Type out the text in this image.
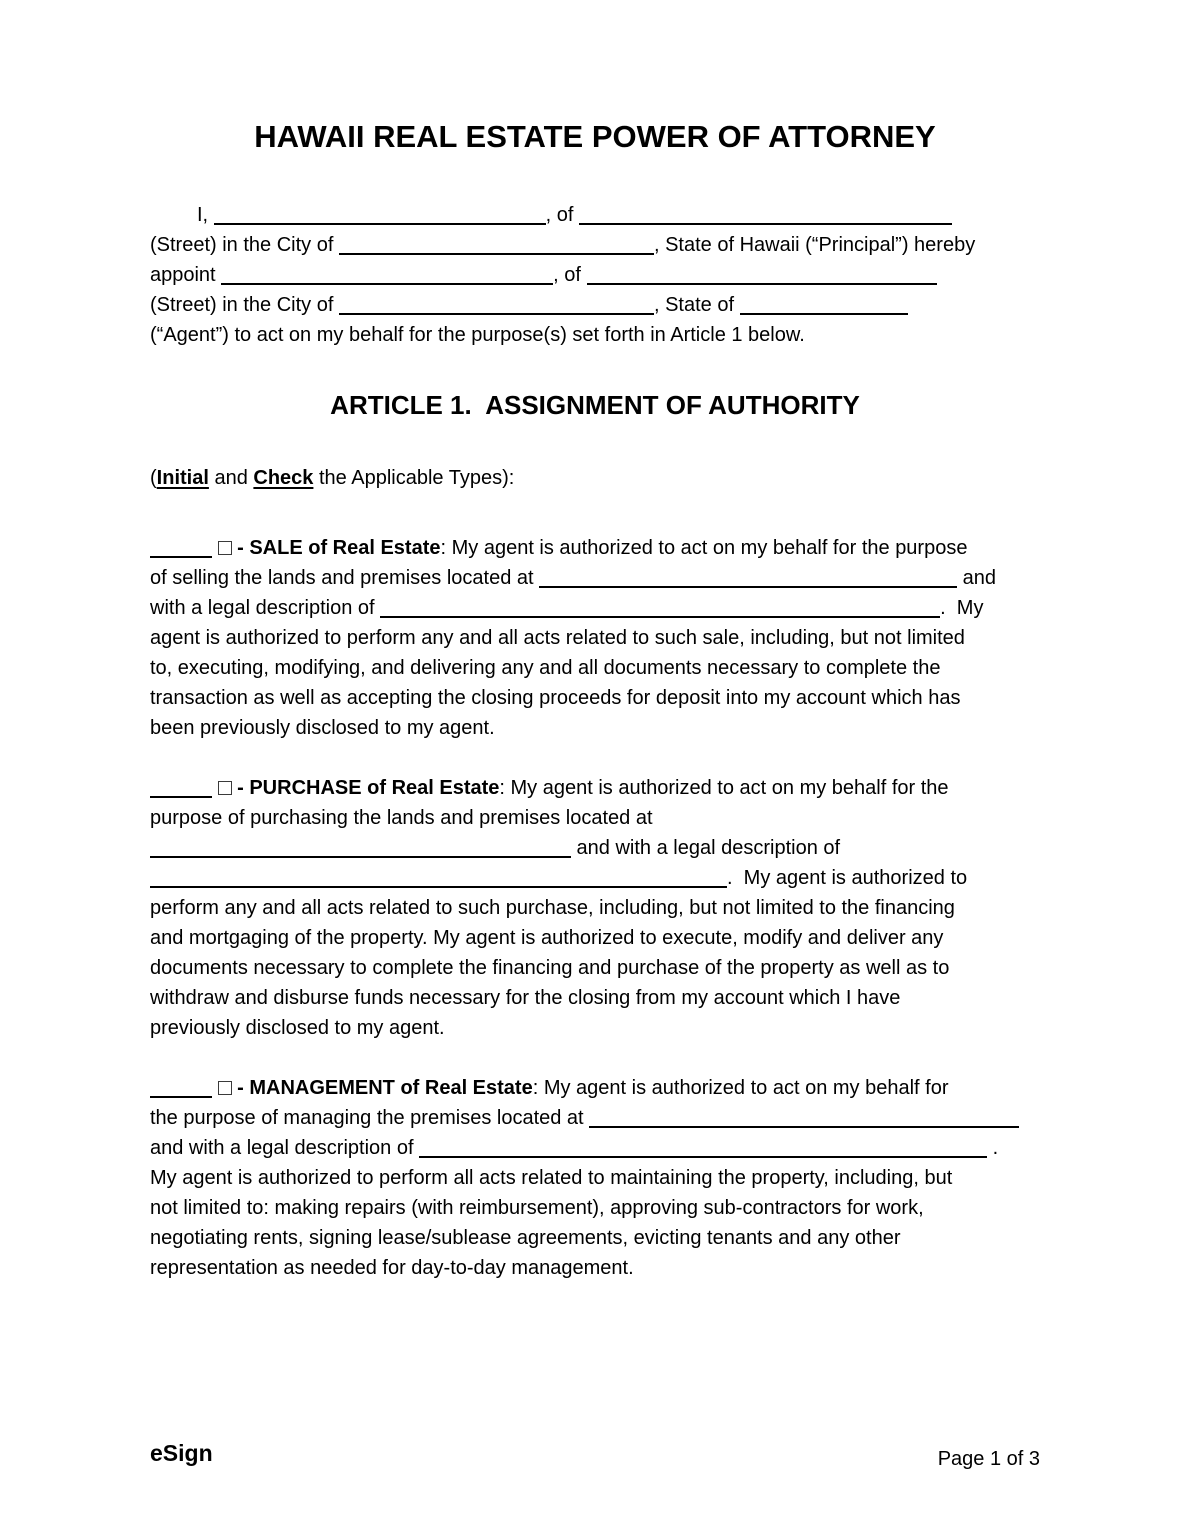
HAWAII REAL ESTATE POWER OF ATTORNEY
I,	, of
(Street) in the City of	, State of Hawaii (“Principal”) hereby
appoint	, of
(Street) in the City of	, State of
(“Agent”) to act on my behalf for the purpose(s) set forth in Article 1 below.
ARTICLE 1.  ASSIGNMENT OF AUTHORITY
(Initial and Check the Applicable Types):
- SALE of Real Estate: My agent is authorized to act on my behalf for the purpose
of selling the lands and premises located at	and
with a legal description of	.  My
agent is authorized to perform any and all acts related to such sale, including, but not limited
to, executing, modifying, and delivering any and all documents necessary to complete the
transaction as well as accepting the closing proceeds for deposit into my account which has
been previously disclosed to my agent.
- PURCHASE of Real Estate: My agent is authorized to act on my behalf for the
purpose of purchasing the lands and premises located at
and with a legal description of
.  My agent is authorized to
perform any and all acts related to such purchase, including, but not limited to the financing
and mortgaging of the property. My agent is authorized to execute, modify and deliver any
documents necessary to complete the financing and purchase of the property as well as to
withdraw and disburse funds necessary for the closing from my account which I have
previously disclosed to my agent.
- MANAGEMENT of Real Estate: My agent is authorized to act on my behalf for
the purpose of managing the premises located at
and with a legal description of	.
My agent is authorized to perform all acts related to maintaining the property, including, but
not limited to: making repairs (with reimbursement), approving sub-contractors for work,
negotiating rents, signing lease/sublease agreements, evicting tenants and any other
representation as needed for day-to-day management.
eSign	Page 1 of 3
